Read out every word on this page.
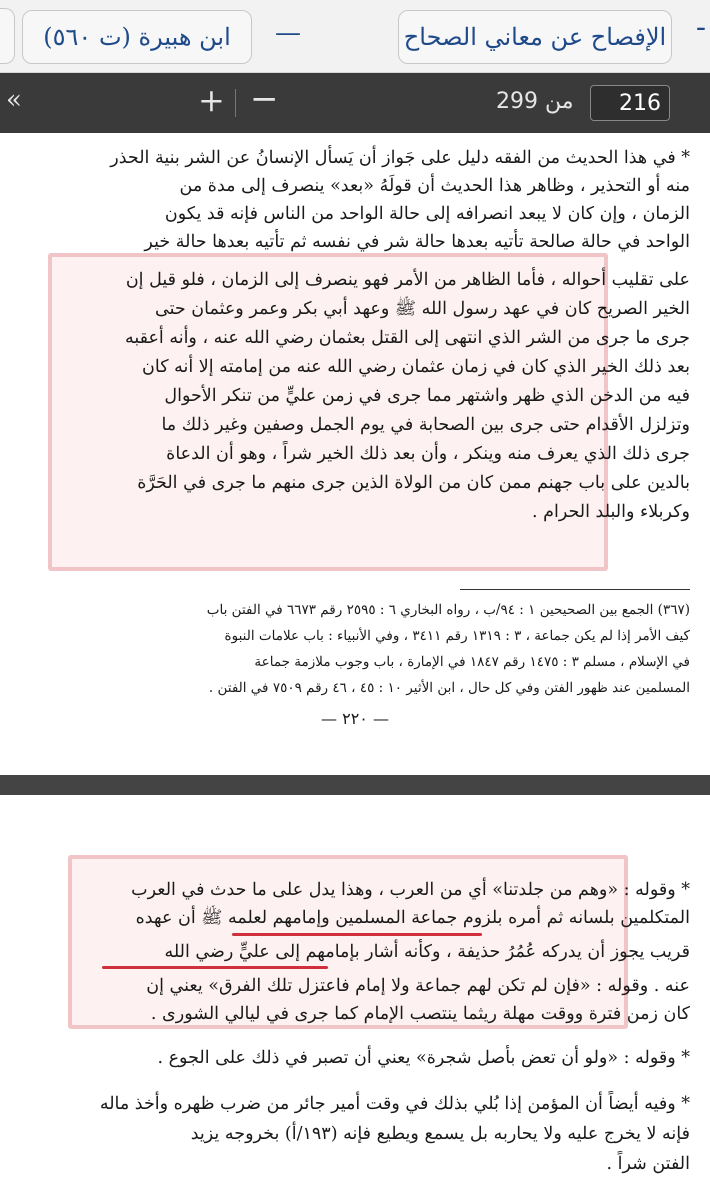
-
الإفصاح عن معاني الصحاح
—
ابن هبيرة (ت ٥٦٠)
«	+ −	من 299
216
* في هذا الحديث من الفقه دليل على جَواز أن يَسأل الإنسانُ عن الشر بنية الحذر
منه أو التحذير ، وظاهر هذا الحديث أن قولَهُ «بعد» ينصرف إلى مدة من
الزمان ، وإن كان لا يبعد انصرافه إلى حالة الواحد من الناس فإنه قد يكون
الواحد في حالة صالحة تأتيه بعدها حالة شر في نفسه ثم تأتيه بعدها حالة خير
على تقليب أحواله ، فأما الظاهر من الأمر فهو ينصرف إلى الزمان ، فلو قيل إن
الخير الصريح كان في عهد رسول الله ﷺ وعهد أبي بكر وعمر وعثمان حتى
جرى ما جرى من الشر الذي انتهى إلى القتل بعثمان رضي الله عنه ، وأنه أعقبه
بعد ذلك الخير الذي كان في زمان عثمان رضي الله عنه من إمامته إلا أنه كان
فيه من الدخن الذي ظهر واشتهر مما جرى في زمن عليٍّ من تنكر الأحوال
وتزلزل الأقدام حتى جرى بين الصحابة في يوم الجمل وصفين وغير ذلك ما
جرى ذلك الذي يعرف منه وينكر ، وأن بعد ذلك الخير شراً ، وهو أن الدعاة
بالدين على باب جهنم ممن كان من الولاة الذين جرى منهم ما جرى في الحَرَّة
وكربلاء والبلد الحرام .
(٣٦٧) الجمع بين الصحيحين ١ : ٩٤/ب ، رواه البخاري ٦ : ٢٥٩٥ رقم ٦٦٧٣ في الفتن باب
كيف الأمر إذا لم يكن جماعة ، ٣ : ١٣١٩ رقم ٣٤١١ ، وفي الأنبياء : باب علامات النبوة
في الإسلام ، مسلم ٣ : ١٤٧٥ رقم ١٨٤٧ في الإمارة ، باب وجوب ملازمة جماعة
المسلمين عند ظهور الفتن وفي كل حال ، ابن الأثير ١٠ : ٤٥ ، ٤٦ رقم ٧٥٠٩ في الفتن .
— ٢٢٠ —
* وقوله : «وهم من جلدتنا» أي من العرب ، وهذا يدل على ما حدث في العرب
المتكلمين بلسانه ثم أمره بلزوم جماعة المسلمين وإمامهم لعلمه ﷺ أن عهده
قريب يجوز أن يدركه عُمُرُ حذيفة ، وكأنه أشار بإمامهم إلى عليٍّ رضي الله
عنه . وقوله : «فإن لم تكن لهم جماعة ولا إمام فاعتزل تلك الفرق» يعني إن
كان زمن فترة ووقت مهلة ريثما ينتصب الإمام كما جرى في ليالي الشورى .
* وقوله : «ولو أن تعض بأصل شجرة» يعني أن تصبر في ذلك على الجوع .
* وفيه أيضاً أن المؤمن إذا بُلي بذلك في وقت أمير جائر من ضرب ظهره وأخذ ماله
فإنه لا يخرج عليه ولا يحاربه بل يسمع ويطيع فإنه (١٩٣/أ) بخروجه يزيد
الفتن شراً .
